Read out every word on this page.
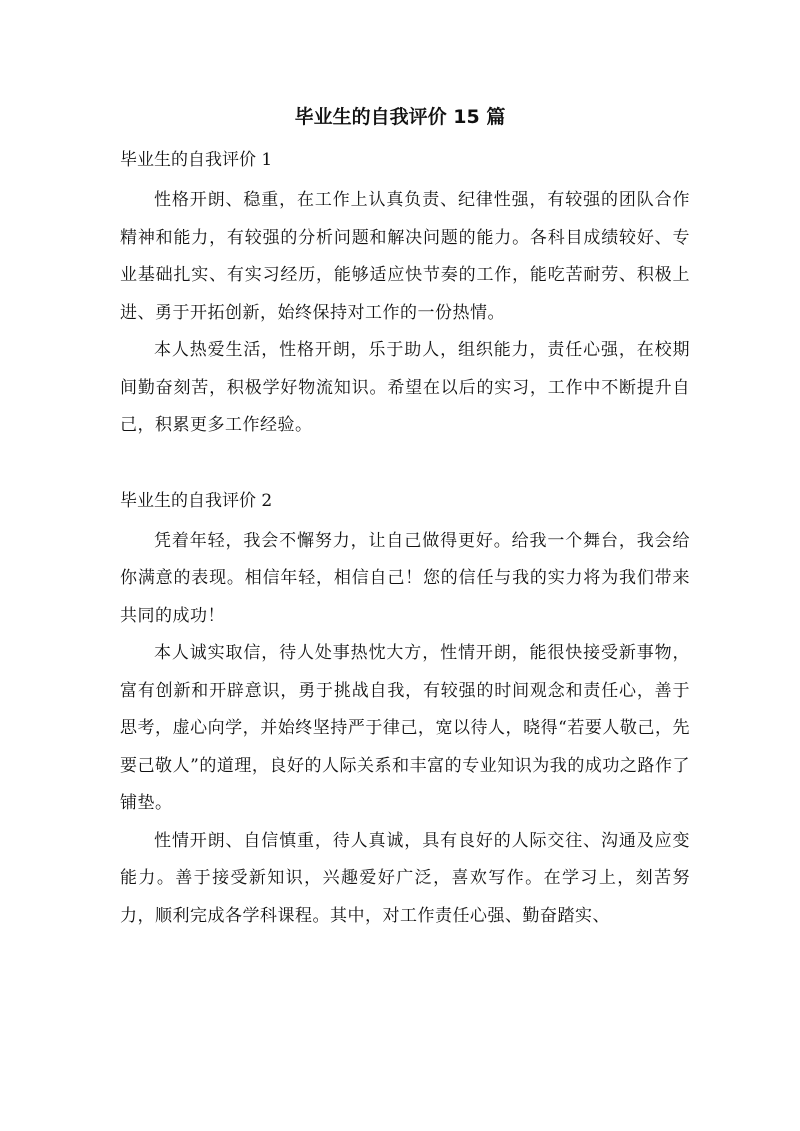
毕业生的自我评价 15 篇

毕业生的自我评价 1

性格开朗、稳重，在工作上认真负责、纪律性强，有较强的团队合作精神和能力，有较强的分析问题和解决问题的能力。各科目成绩较好、专业基础扎实、有实习经历，能够适应快节奏的工作，能吃苦耐劳、积极上进、勇于开拓创新，始终保持对工作的一份热情。

本人热爱生活，性格开朗，乐于助人，组织能力，责任心强，在校期间勤奋刻苦，积极学好物流知识。希望在以后的实习，工作中不断提升自己，积累更多工作经验。

毕业生的自我评价 2

凭着年轻，我会不懈努力，让自己做得更好。给我一个舞台，我会给你满意的表现。相信年轻，相信自己！您的信任与我的实力将为我们带来共同的成功！

本人诚实取信，待人处事热忱大方，性情开朗，能很快接受新事物，富有创新和开辟意识，勇于挑战自我，有较强的时间观念和责任心，善于思考，虚心向学，并始终坚持严于律己，宽以待人，晓得“若要人敬己，先要己敬人”的道理，良好的人际关系和丰富的专业知识为我的成功之路作了铺垫。

性情开朗、自信慎重，待人真诚，具有良好的人际交往、沟通及应变能力。善于接受新知识，兴趣爱好广泛，喜欢写作。在学习上，刻苦努力，顺利完成各学科课程。其中，对工作责任心强、勤奋踏实、
